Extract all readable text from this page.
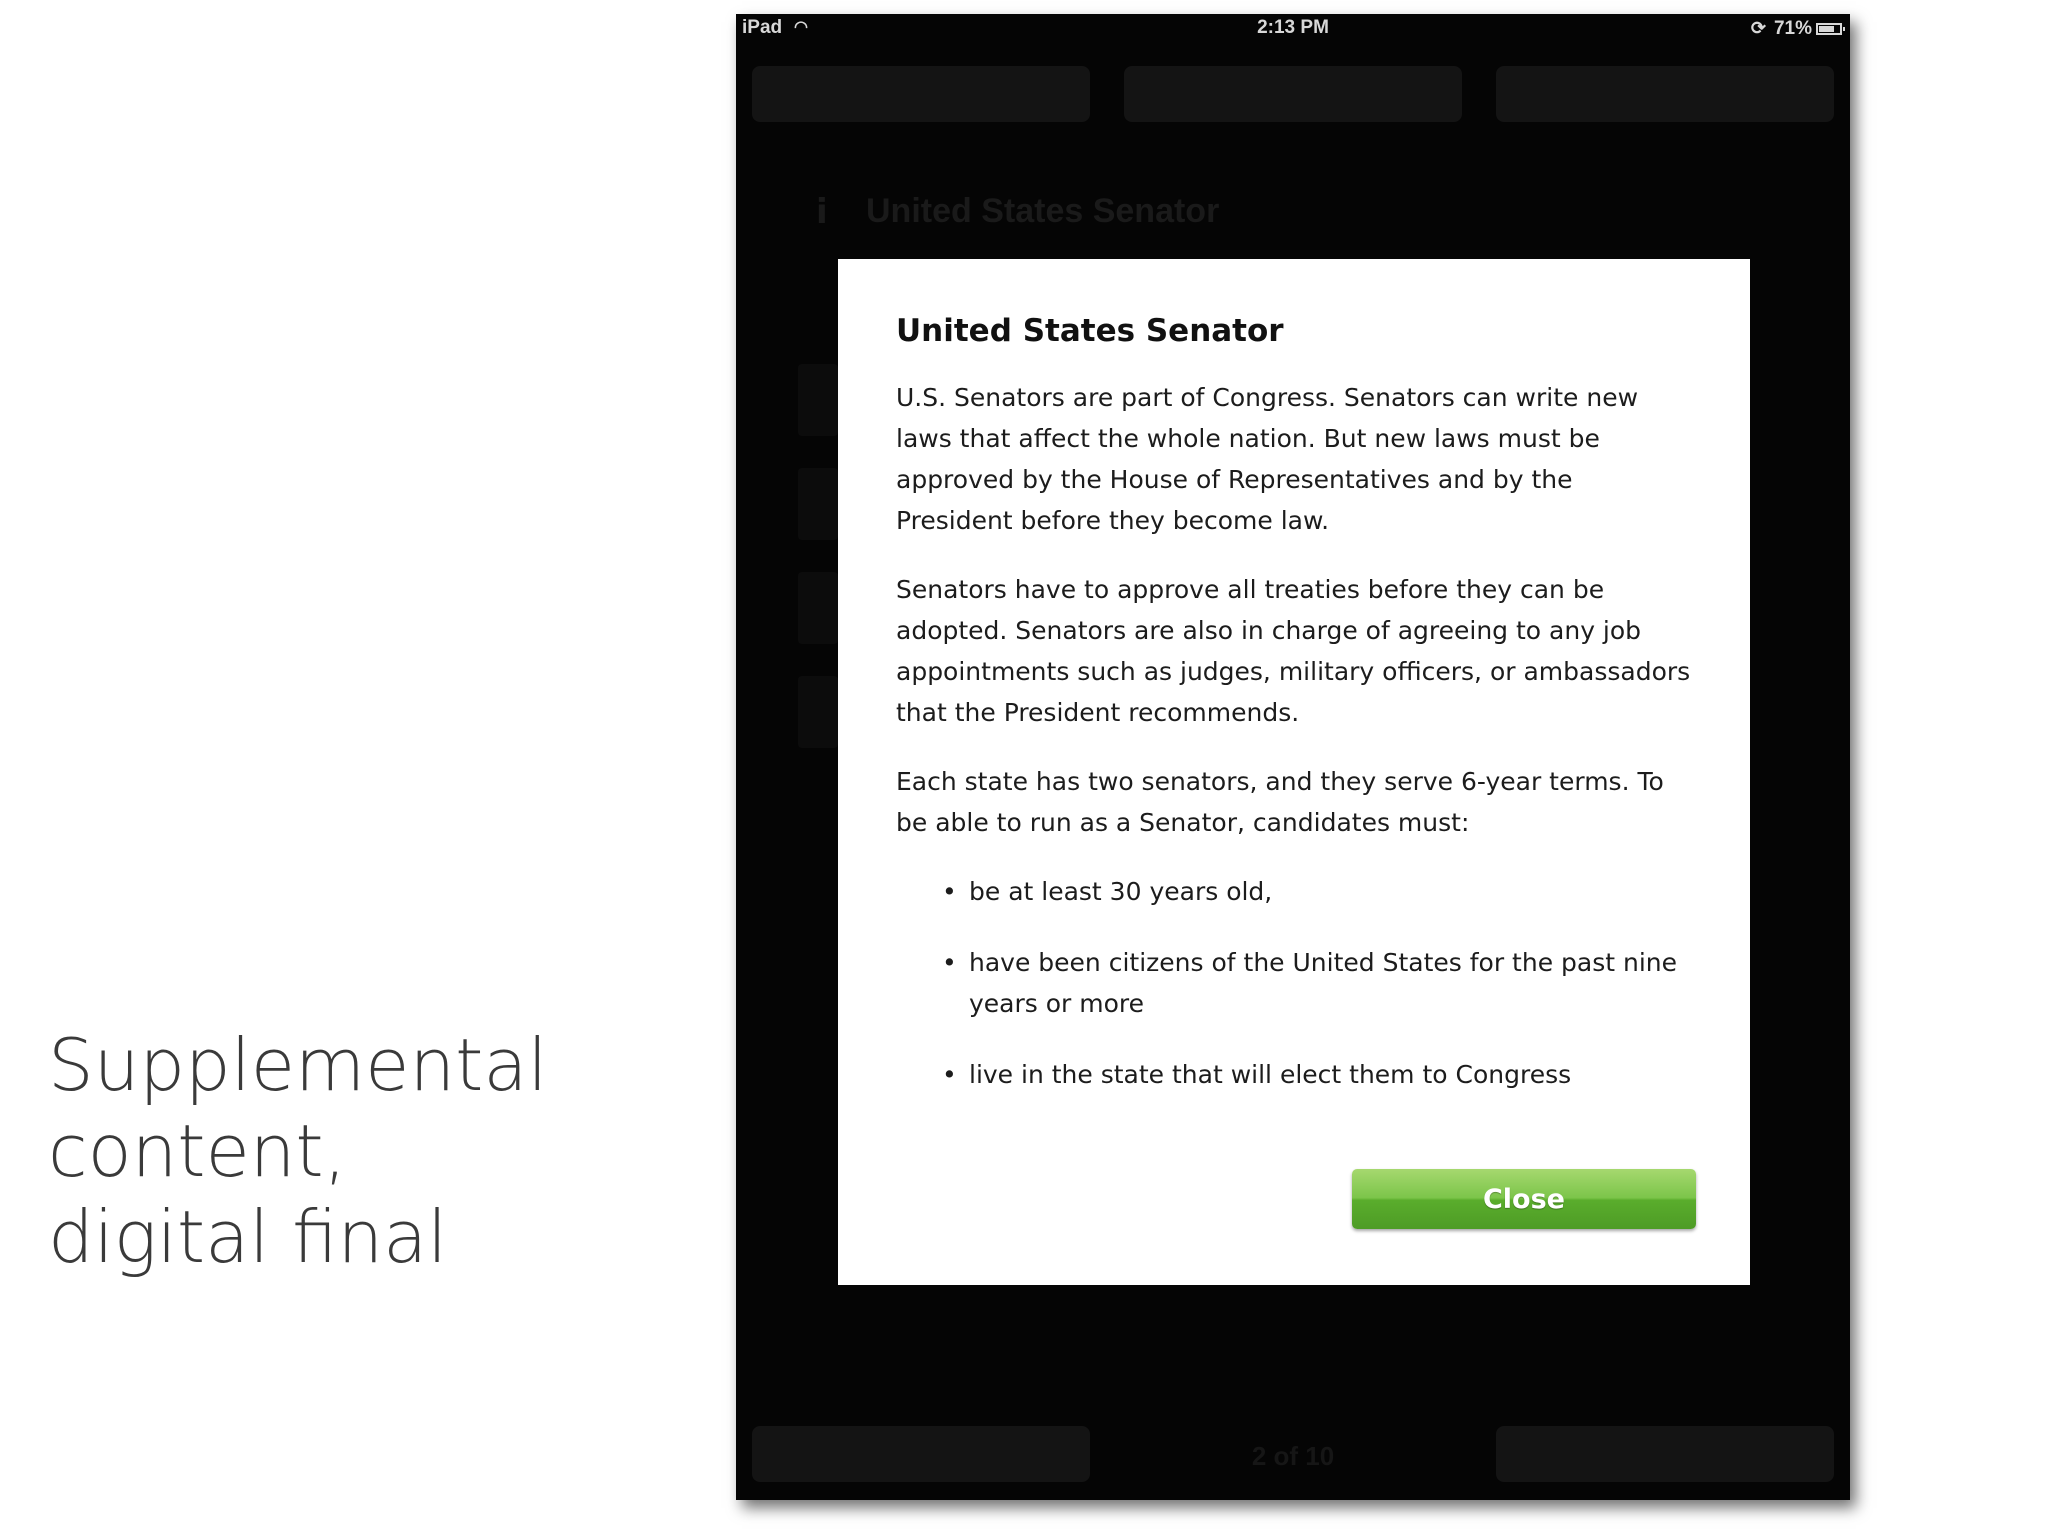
Supplemental
content,
digital final
iPad ◠	2:13 PM	⟳ 71%
i United States Senator
2 of 10
United States Senator

U.S. Senators are part of Congress. Senators can write new laws that affect the whole nation. But new laws must be approved by the House of Representatives and by the President before they become law.

Senators have to approve all treaties before they can be adopted. Senators are also in charge of agreeing to any job appointments such as judges, military officers, or ambassadors that the President recommends.

Each state has two senators, and they serve 6-year terms. To be able to run as a Senator, candidates must:

• be at least 30 years old,
• have been citizens of the United States for the past nine years or more
• live in the state that will elect them to Congress
Close
